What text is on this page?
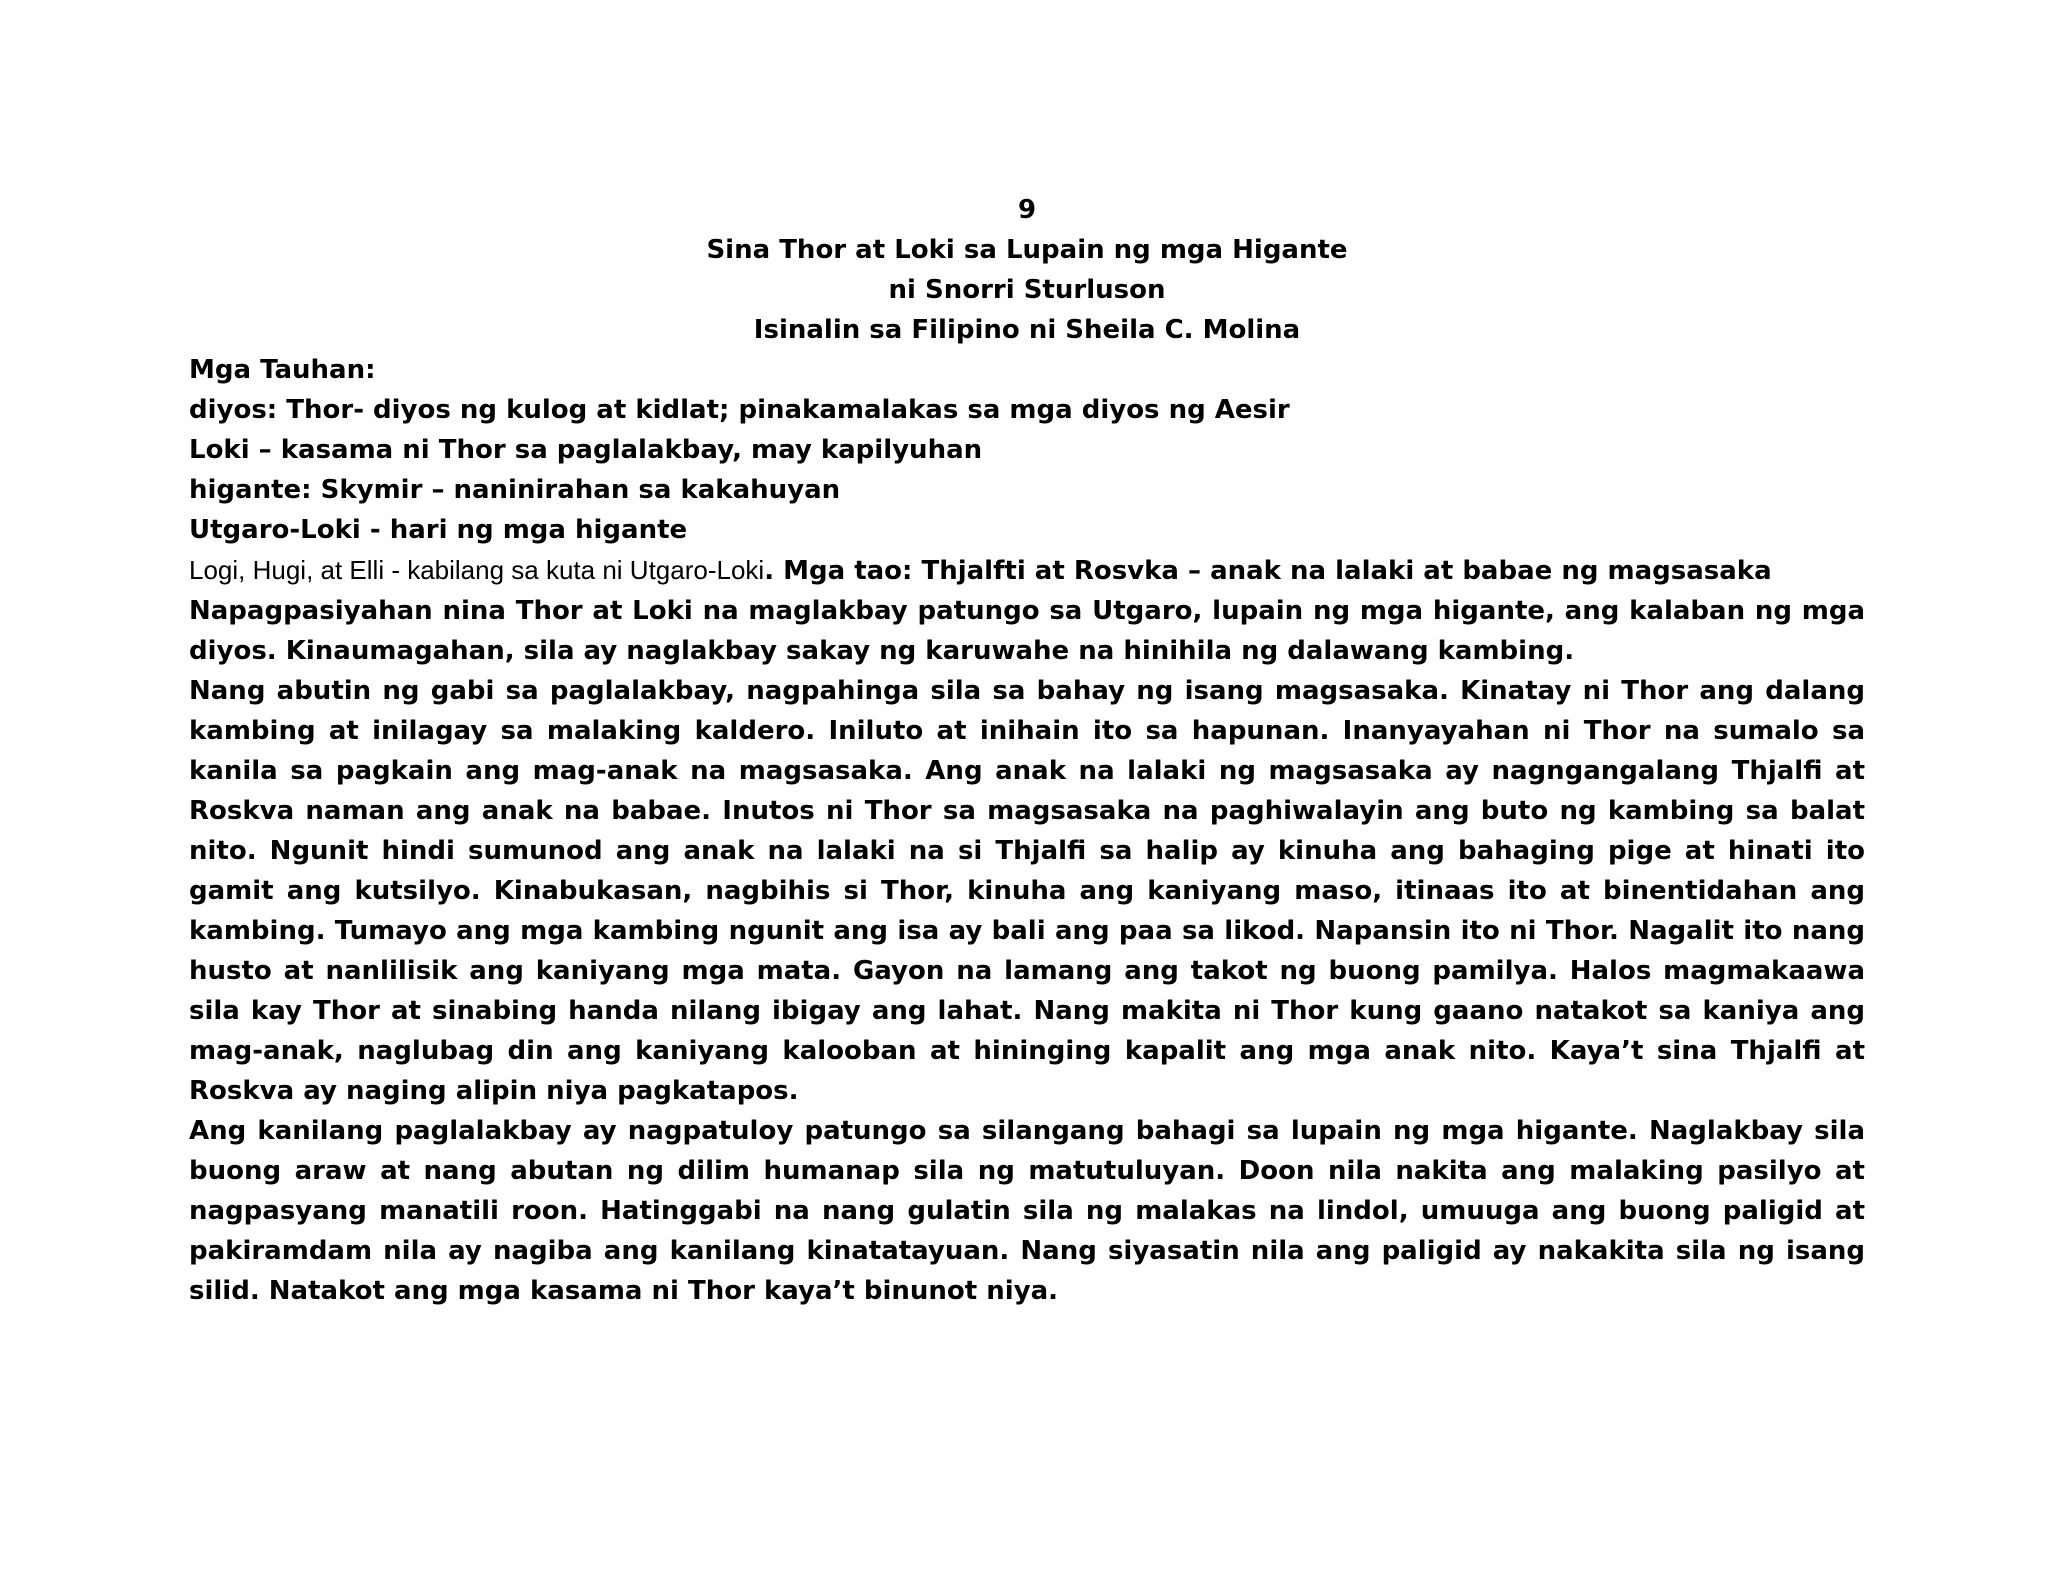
9

Sina Thor at Loki sa Lupain ng mga Higante

ni Snorri Sturluson

Isinalin sa Filipino ni Sheila C. Molina

Mga Tauhan:

diyos: Thor- diyos ng kulog at kidlat; pinakamalakas sa mga diyos ng Aesir

Loki – kasama ni Thor sa paglalakbay, may kapilyuhan

higante: Skymir – naninirahan sa kakahuyan

Utgaro-Loki - hari ng mga higante

Logi, Hugi, at Elli - kabilang sa kuta ni Utgaro-Loki. Mga tao: Thjalfti at Rosvka – anak na lalaki at babae ng magsasaka

Napagpasiyahan nina Thor at Loki na maglakbay patungo sa Utgaro, lupain ng mga higante, ang kalaban ng mga diyos. Kinaumagahan, sila ay naglakbay sakay ng karuwahe na hinihila ng dalawang kambing.

Nang abutin ng gabi sa paglalakbay, nagpahinga sila sa bahay ng isang magsasaka. Kinatay ni Thor ang dalang kambing at inilagay sa malaking kaldero. Iniluto at inihain ito sa hapunan. Inanyayahan ni Thor na sumalo sa kanila sa pagkain ang mag-anak na magsasaka. Ang anak na lalaki ng magsasaka ay nagngangalang Thjalfi at Roskva naman ang anak na babae. Inutos ni Thor sa magsasaka na paghiwalayin ang buto ng kambing sa balat nito. Ngunit hindi sumunod ang anak na lalaki na si Thjalfi sa halip ay kinuha ang bahaging pige at hinati ito gamit ang kutsilyo. Kinabukasan, nagbihis si Thor, kinuha ang kaniyang maso, itinaas ito at binentidahan ang kambing. Tumayo ang mga kambing ngunit ang isa ay bali ang paa sa likod. Napansin ito ni Thor. Nagalit ito nang husto at nanlilisik ang kaniyang mga mata. Gayon na lamang ang takot ng buong pamilya. Halos magmakaawa sila kay Thor at sinabing handa nilang ibigay ang lahat. Nang makita ni Thor kung gaano natakot sa kaniya ang mag-anak, naglubag din ang kaniyang kalooban at hininging kapalit ang mga anak nito. Kaya’t sina Thjalfi at Roskva ay naging alipin niya pagkatapos.

Ang kanilang paglalakbay ay nagpatuloy patungo sa silangang bahagi sa lupain ng mga higante. Naglakbay sila buong araw at nang abutan ng dilim humanap sila ng matutuluyan. Doon nila nakita ang malaking pasilyo at nagpasyang manatili roon. Hatinggabi na nang gulatin sila ng malakas na lindol, umuuga ang buong paligid at pakiramdam nila ay nagiba ang kanilang kinatatayuan. Nang siyasatin nila ang paligid ay nakakita sila ng isang silid. Natakot ang mga kasama ni Thor kaya’t binunot niya.
